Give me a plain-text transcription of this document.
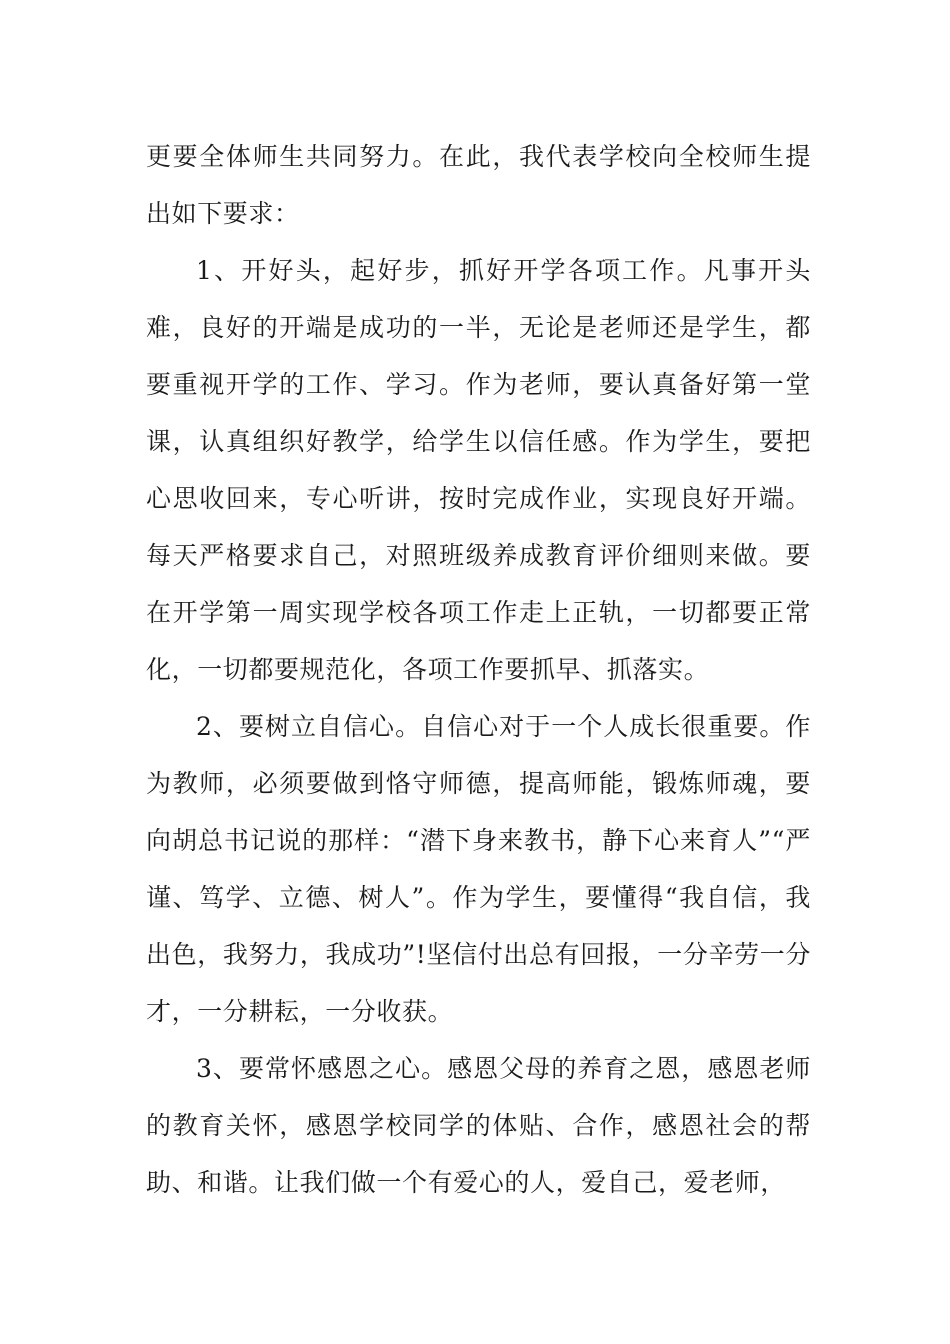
更要全体师生共同努力。在此，我代表学校向全校师生提出如下要求：

1、开好头，起好步，抓好开学各项工作。凡事开头难，良好的开端是成功的一半，无论是老师还是学生，都要重视开学的工作、学习。作为老师，要认真备好第一堂课，认真组织好教学，给学生以信任感。作为学生，要把心思收回来，专心听讲，按时完成作业，实现良好开端。每天严格要求自己，对照班级养成教育评价细则来做。要在开学第一周实现学校各项工作走上正轨，一切都要正常化，一切都要规范化，各项工作要抓早、抓落实。

2、要树立自信心。自信心对于一个人成长很重要。作为教师，必须要做到恪守师德，提高师能，锻炼师魂，要向胡总书记说的那样：“潜下身来教书，静下心来育人”“严谨、笃学、立德、树人”。作为学生，要懂得“我自信，我出色，我努力，我成功”!坚信付出总有回报，一分辛劳一分才，一分耕耘，一分收获。

3、要常怀感恩之心。感恩父母的养育之恩，感恩老师的教育关怀，感恩学校同学的体贴、合作，感恩社会的帮助、和谐。让我们做一个有爱心的人，爱自己，爱老师，
